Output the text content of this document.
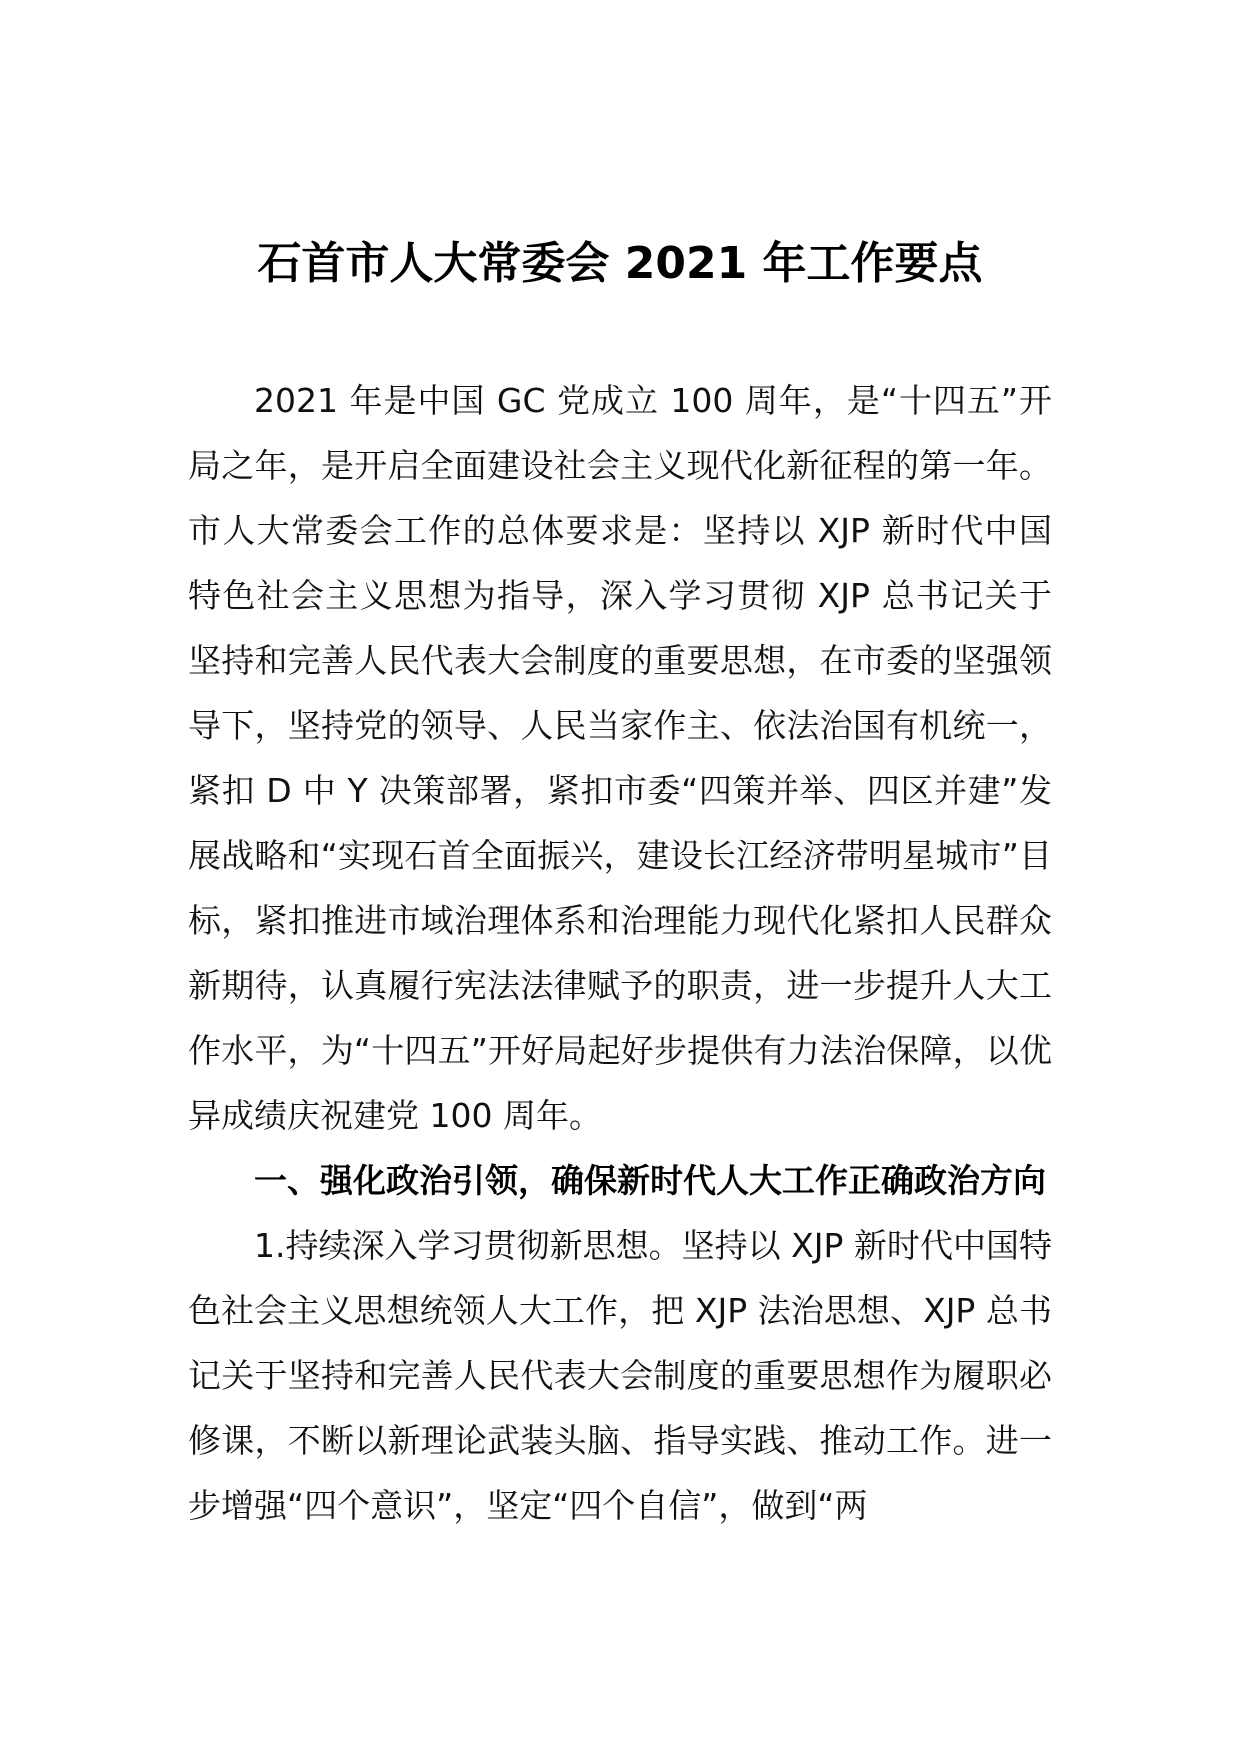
石首市人大常委会 2021 年工作要点

2021 年是中国 GC 党成立 100 周年，是“十四五”开局之年，是开启全面建设社会主义现代化新征程的第一年。市人大常委会工作的总体要求是：坚持以 XJP 新时代中国特色社会主义思想为指导，深入学习贯彻 XJP 总书记关于坚持和完善人民代表大会制度的重要思想，在市委的坚强领导下，坚持党的领导、人民当家作主、依法治国有机统一，紧扣 D 中 Y 决策部署，紧扣市委“四策并举、四区并建”发展战略和“实现石首全面振兴，建设长江经济带明星城市”目标，紧扣推进市域治理体系和治理能力现代化紧扣人民群众新期待，认真履行宪法法律赋予的职责，进一步提升人大工作水平，为“十四五”开好局起好步提供有力法治保障，以优异成绩庆祝建党 100 周年。

一、强化政治引领，确保新时代人大工作正确政治方向

1.持续深入学习贯彻新思想。坚持以 XJP 新时代中国特色社会主义思想统领人大工作，把 XJP 法治思想、XJP 总书记关于坚持和完善人民代表大会制度的重要思想作为履职必修课，不断以新理论武装头脑、指导实践、推动工作。进一步增强“四个意识”，坚定“四个自信”，做到“两
